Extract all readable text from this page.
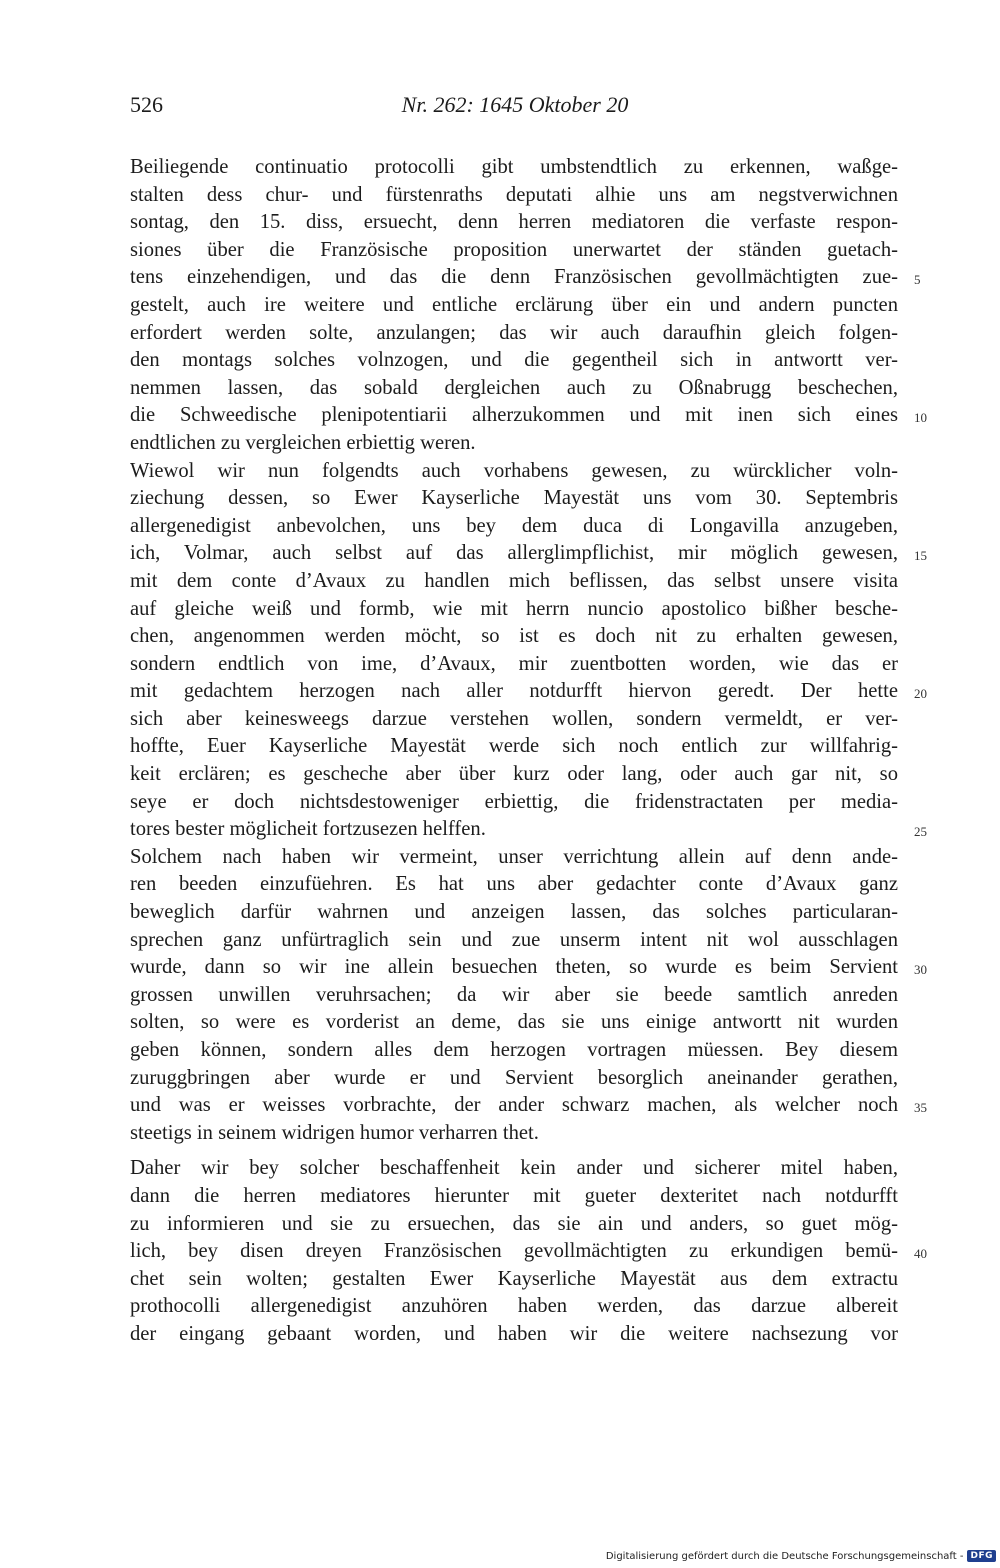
526	Nr. 262: 1645 Oktober 20
Beiliegende continuatio protocolli gibt umbstendtlich zu erkennen, waßge-
stalten dess chur- und fürstenraths deputati alhie uns am negstverwichnen
sontag, den 15. diss, ersuecht, denn herren mediatoren die verfaste respon-
siones über die Französische proposition unerwartet der ständen guetach-
tens einzehendigen, und das die denn Französischen gevollmächtigten zue-
gestelt, auch ire weitere und entliche erclärung über ein und andern puncten
erfordert werden solte, anzulangen; das wir auch daraufhin gleich folgen-
den montags solches volnzogen, und die gegentheil sich in antwortt ver-
nemmen lassen, das sobald dergleichen auch zu Oßnabrugg beschechen,
die Schweedische plenipotentiarii alherzukommen und mit inen sich eines
endtlichen zu vergleichen erbiettig weren.
Wiewol wir nun folgendts auch vorhabens gewesen, zu würcklicher voln-
ziechung dessen, so Ewer Kayserliche Mayestät uns vom 30. Septembris
allergenedigist anbevolchen, uns bey dem duca di Longavilla anzugeben,
ich, Volmar, auch selbst auf das allerglimpflichist, mir möglich gewesen,
mit dem conte d’Avaux zu handlen mich beflissen, das selbst unsere visita
auf gleiche weiß und formb, wie mit herrn nuncio apostolico bißher besche-
chen, angenommen werden möcht, so ist es doch nit zu erhalten gewesen,
sondern endtlich von ime, d’Avaux, mir zuentbotten worden, wie das er
mit gedachtem herzogen nach aller notdurfft hiervon geredt. Der hette
sich aber keinesweegs darzue verstehen wollen, sondern vermeldt, er ver-
hoffte, Euer Kayserliche Mayestät werde sich noch entlich zur willfahrig-
keit erclären; es gescheche aber über kurz oder lang, oder auch gar nit, so
seye er doch nichtsdestoweniger erbiettig, die fridenstractaten per media-
tores bester möglicheit fortzusezen helffen.
Solchem nach haben wir vermeint, unser verrichtung allein auf denn ande-
ren beeden einzufüehren. Es hat uns aber gedachter conte d’Avaux ganz
beweglich darfür wahrnen und anzeigen lassen, das solches particularan-
sprechen ganz unfürtraglich sein und zue unserm intent nit wol ausschlagen
wurde, dann so wir ine allein besuechen theten, so wurde es beim Servient
grossen unwillen veruhrsachen; da wir aber sie beede samtlich anreden
solten, so were es vorderist an deme, das sie uns einige antwortt nit wurden
geben können, sondern alles dem herzogen vortragen müessen. Bey diesem
zuruggbringen aber wurde er und Servient besorglich aneinander gerathen,
und was er weisses vorbrachte, der ander schwarz machen, als welcher noch
steetigs in seinem widrigen humor verharren thet.
Daher wir bey solcher beschaffenheit kein ander und sicherer mitel haben,
dann die herren mediatores hierunter mit gueter dexteritet nach notdurfft
zu informieren und sie zu ersuechen, das sie ain und anders, so guet mög-
lich, bey disen dreyen Französischen gevollmächtigten zu erkundigen bemü-
chet sein wolten; gestalten Ewer Kayserliche Mayestät aus dem extractu
prothocolli allergenedigist anzuhören haben werden, das darzue albereit
der eingang gebaant worden, und haben wir die weitere nachsezung vor
5
10
15
20
25
30
35
40
Digitalisierung gefördert durch die Deutsche Forschungsgemeinschaft - DFG
